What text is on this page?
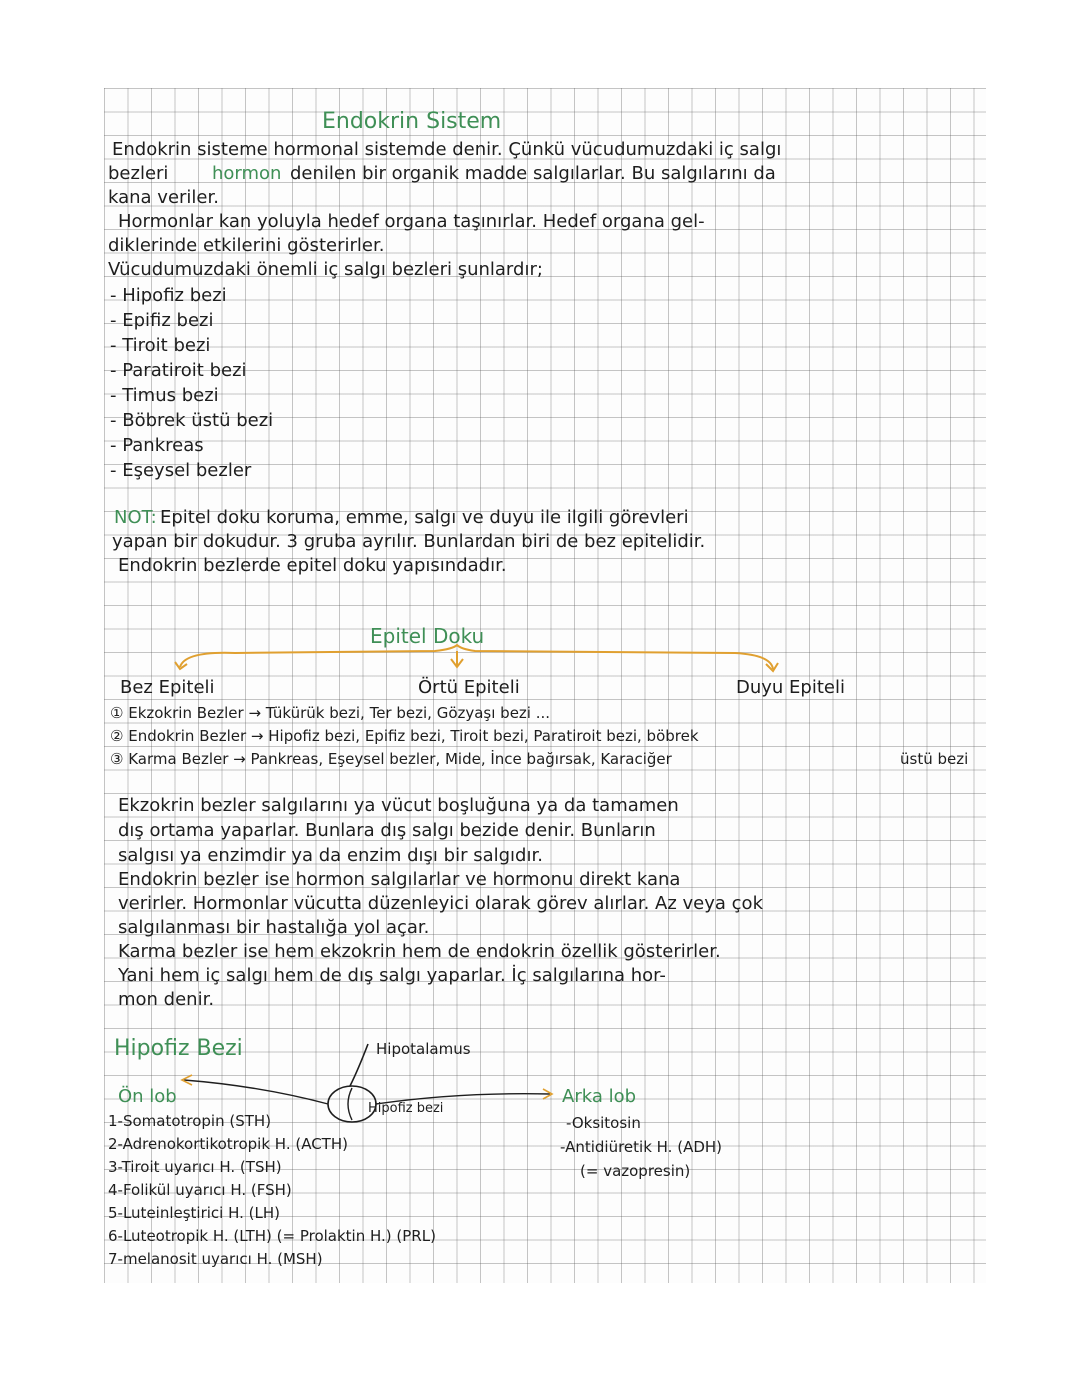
Endokrin Sistem
Endokrin sisteme hormonal sistemde denir. Çünkü vücudumuzdaki iç salgı
bezleri hormon denilen bir organik madde salgılarlar. Bu salgılarını da
kana veriler.
Hormonlar kan yoluyla hedef organa taşınırlar. Hedef organa gel-
diklerinde etkilerini gösterirler.
Vücudumuzdaki önemli iç salgı bezleri şunlardır;
- Hipofiz bezi
- Epifiz bezi
- Tiroit bezi
- Paratiroit bezi
- Timus bezi
- Böbrek üstü bezi
- Pankreas
- Eşeysel bezler
NOT: Epitel doku koruma, emme, salgı ve duyu ile ilgili görevleri
yapan bir dokudur. 3 gruba ayrılır. Bunlardan biri de bez epitelidir.
Endokrin bezlerde epitel doku yapısındadır.
Epitel Doku
Bez Epiteli	Örtü Epiteli	Duyu Epiteli
① Ekzokrin Bezler → Tükürük bezi, Ter bezi, Gözyaşı bezi ...
② Endokrin Bezler → Hipofiz bezi, Epifiz bezi, Tiroit bezi, Paratiroit bezi, böbrek
③ Karma Bezler → Pankreas, Eşeysel bezler, Mide, İnce bağırsak, Karaciğer	üstü bezi
Ekzokrin bezler salgılarını ya vücut boşluğuna ya da tamamen
dış ortama yaparlar. Bunlara dış salgı bezide denir. Bunların
salgısı ya enzimdir ya da enzim dışı bir salgıdır.
Endokrin bezler ise hormon salgılarlar ve hormonu direkt kana
verirler. Hormonlar vücutta düzenleyici olarak görev alırlar. Az veya çok
salgılanması bir hastalığa yol açar.
Karma bezler ise hem ekzokrin hem de endokrin özellik gösterirler.
Yani hem iç salgı hem de dış salgı yaparlar. İç salgılarına hor-
mon denir.
Hipofiz Bezi	Hipotalamus
Ön lob
Hipofiz bezi
Arka lob
1-Somatotropin (STH)
2-Adrenokortikotropik H. (ACTH)
3-Tiroit uyarıcı H. (TSH)
4-Folikül uyarıcı H. (FSH)
5-Luteinleştirici H. (LH)
6-Luteotropik H. (LTH) (= Prolaktin H.) (PRL)
7-melanosit uyarıcı H. (MSH)
-Oksitosin
-Antidiüretik H. (ADH)
(= vazopresin)
